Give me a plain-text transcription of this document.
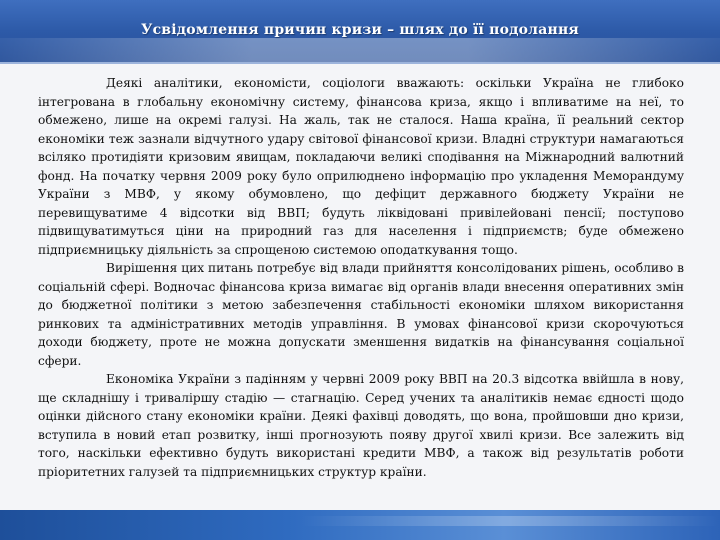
Усвідомлення причин кризи – шлях до її подолання

Деякі аналітики, економісти, соціологи вважають: оскільки Україна не глибоко інтегрована в глобальну економічну систему, фінансова криза, якщо і впливатиме на неї, то обмежено, лише на окремі галузі. На жаль, так не сталося. Наша країна, її реальний сектор економіки теж зазнали відчутного удару світової фінансової кризи. Владні структури намагаються всіляко протидіяти кризовим явищам, покладаючи великі сподівання на Міжнародний валютний фонд. На початку червня 2009 року було оприлюднено інформацію про укладення Меморандуму України з МВФ, у якому обумовлено, що дефіцит державного бюджету України не перевищуватиме 4 відсотки від ВВП; будуть ліквідовані привілейовані пенсії; поступово підвищуватимуться ціни на природний газ для населення і підприємств; буде обмежено підприємницьку діяльність за спрощеною системою оподаткування тощо.

Вирішення цих питань потребує від влади прийняття консолідованих рішень, особливо в соціальній сфері. Водночас фінансова криза вимагає від органів влади внесення оперативних змін до бюджетної політики з метою забезпечення стабільності економіки шляхом використання ринкових та адміністративних методів управління. В умовах фінансової кризи скорочуються доходи бюджету, проте не можна допускати зменшення видатків на фінансування соціальної сфери.

Економіка України з падінням у червні 2009 року ВВП на 20.3 відсотка ввійшла в нову, ще складнішу і триваліршу стадію — стагнацію. Серед учених та аналітиків немає єдності щодо оцінки дійсного стану економіки країни. Деякі фахівці доводять, що вона, пройшовши дно кризи, вступила в новий етап розвитку, інші прогнозують появу другої хвилі кризи. Все залежить від того, наскільки ефективно будуть використані кредити МВФ, а також від результатів роботи пріоритетних галузей та підприємницьких структур країни.
